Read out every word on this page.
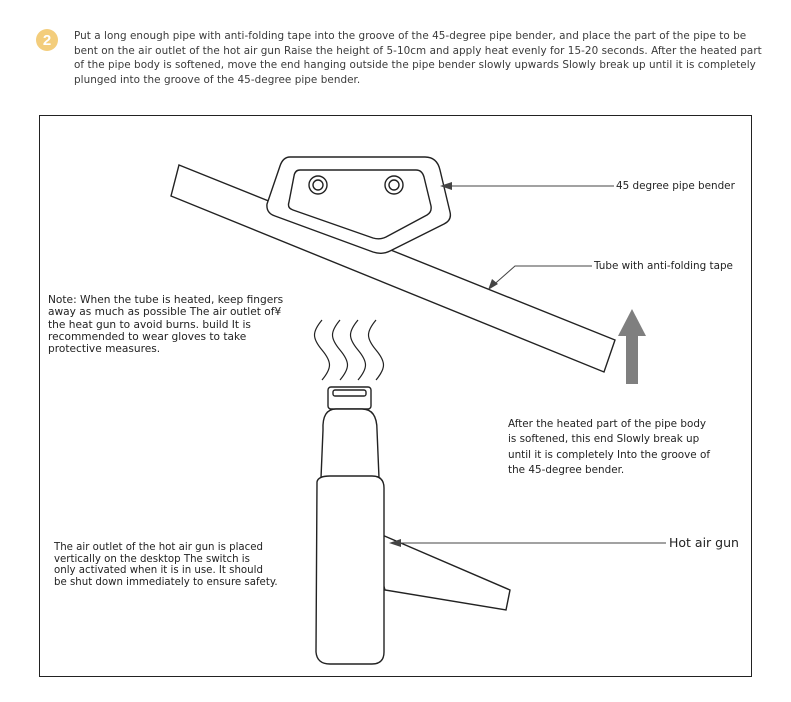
2	Put a long enough pipe with anti-folding tape into the groove of the 45-degree pipe bender, and place the part of the pipe to be bent on the air outlet of the hot air gun Raise the height of 5-10cm and apply heat evenly for 15-20 seconds. After the heated part of the pipe body is softened, move the end hanging outside the pipe bender slowly upwards Slowly break up until it is completely plunged into the groove of the 45-degree pipe bender.
45 degree pipe bender
Tube with anti-folding tape
Hot air gun
Note: When the tube is heated, keep fingers
away as much as possible The air outlet of¥
the heat gun to avoid burns. build It is
recommended to wear gloves to take
protective measures.
After the heated part of the pipe body
is softened, this end Slowly break up
until it is completely Into the groove of
the 45-degree bender.
The air outlet of the hot air gun is placed
vertically on the desktop The switch is
only activated when it is in use. It should
be shut down immediately to ensure safety.
